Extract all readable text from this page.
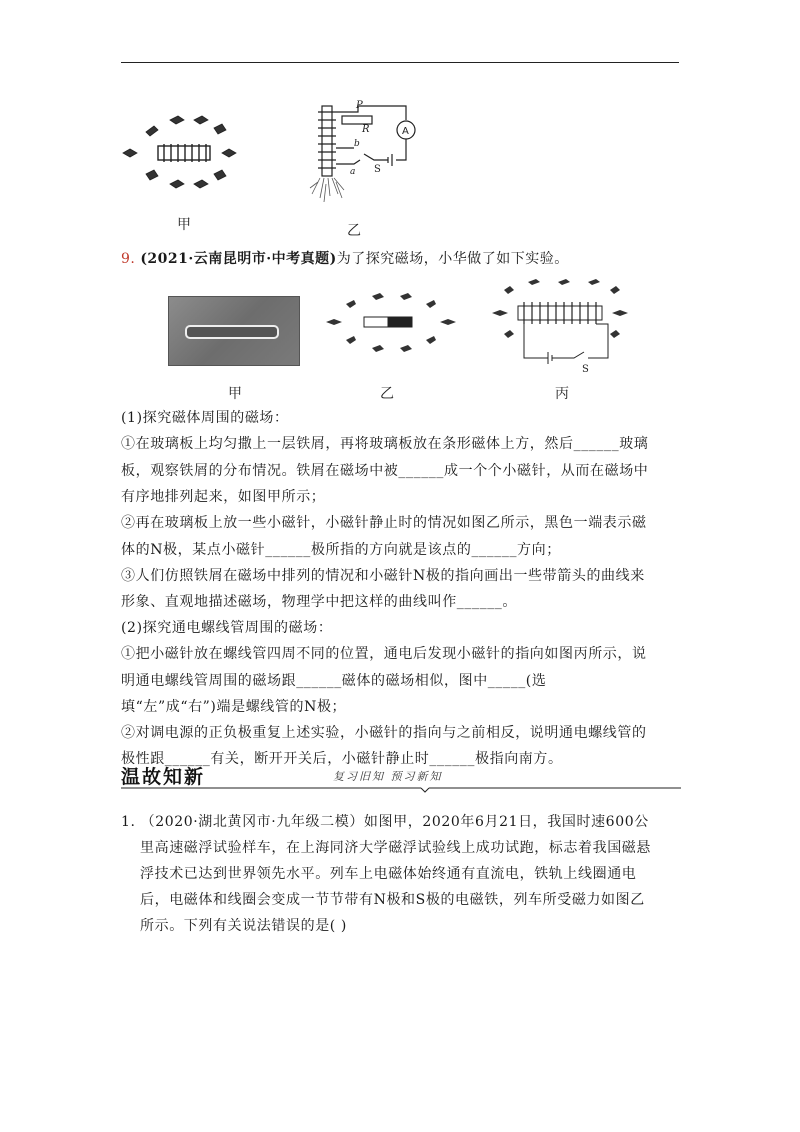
甲
P
R	A
b
a S
乙
9. (2021·云南昆明市·中考真题)为了探究磁场，小华做了如下实验。
S
甲	乙	丙
(1)探究磁体周围的磁场：
①在玻璃板上均匀撒上一层铁屑，再将玻璃板放在条形磁体上方，然后______玻璃
板，观察铁屑的分布情况。铁屑在磁场中被______成一个个小磁针，从而在磁场中
有序地排列起来，如图甲所示；
②再在玻璃板上放一些小磁针，小磁针静止时的情况如图乙所示，黑色一端表示磁
体的N极，某点小磁针______极所指的方向就是该点的______方向；
③人们仿照铁屑在磁场中排列的情况和小磁针N极的指向画出一些带箭头的曲线来
形象、直观地描述磁场，物理学中把这样的曲线叫作______。
(2)探究通电螺线管周围的磁场：
①把小磁针放在螺线管四周不同的位置，通电后发现小磁针的指向如图丙所示，说
明通电螺线管周围的磁场跟______磁体的磁场相似，图中_____(选
填“左”成“右”)端是螺线管的N极；
②对调电源的正负极重复上述实验，小磁针的指向与之前相反，说明通电螺线管的
极性跟______有关，断开开关后，小磁针静止时______极指向南方。
温故知新	复习旧知 预习新知
1. （2020·湖北黄冈市·九年级二模）如图甲，2020年6月21日，我国时速600公
里高速磁浮试验样车，在上海同济大学磁浮试验线上成功试跑，标志着我国磁悬
浮技术已达到世界领先水平。列车上电磁体始终通有直流电，铁轨上线圈通电
后，电磁体和线圈会变成一节节带有N极和S极的电磁铁，列车所受磁力如图乙
所示。下列有关说法错误的是( )
